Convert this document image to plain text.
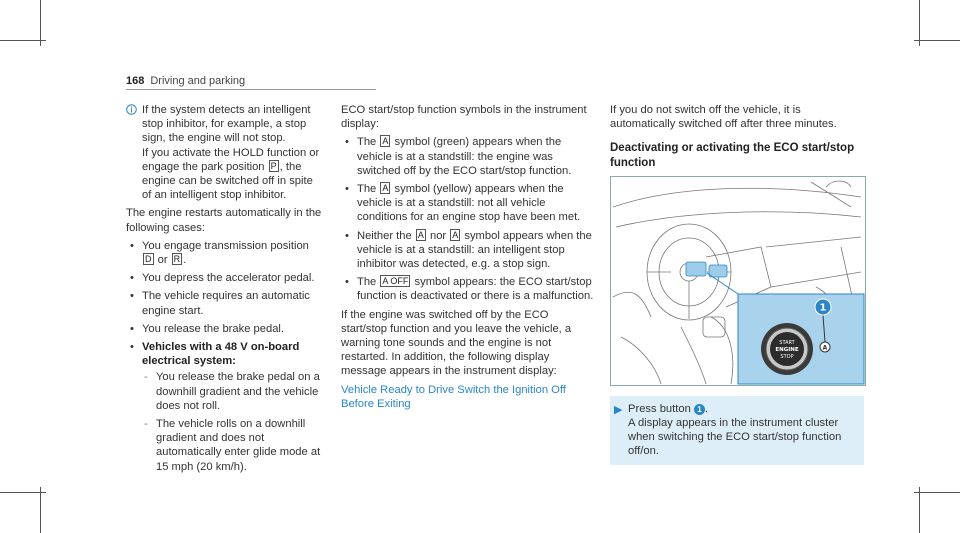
168 Driving and parking

If the system detects an intelligent stop inhibitor, for example, a stop sign, the engine will not stop.

If you activate the HOLD function or engage the park position P , the engine can be switched off in spite of an intelligent stop inhibitor.

The engine restarts automatically in the following cases:

• You engage transmission position D or R .
• You depress the accelerator pedal.
• The vehicle requires an automatic engine start.
• You release the brake pedal.
• Vehicles with a 48 V on-board electrical system:
- You release the brake pedal on a downhill gradient and the vehicle does not roll.
- The vehicle rolls on a downhill gradient and does not automatically enter glide mode at 15 mph (20 km/h).

ECO start/stop function symbols in the instrument display:

• The A symbol (green) appears when the vehicle is at a standstill: the engine was switched off by the ECO start/stop function.
• The A symbol (yellow) appears when the vehicle is at a standstill: not all vehicle conditions for an engine stop have been met.
• Neither the A nor A symbol appears when the vehicle is at a standstill: an intelligent stop inhibitor was detected, e.g. a stop sign.
• The A OFF symbol appears: the ECO start/stop function is deactivated or there is a malfunction.

If the engine was switched off by the ECO start/stop function and you leave the vehicle, a warning tone sounds and the engine is not restarted. In addition, the following display message appears in the instrument display:

Vehicle Ready to Drive Switch the Ignition Off Before Exiting

If you do not switch off the vehicle, it is automatically switched off after three minutes.

Deactivating or activating the ECO start/stop function
START
ENGINE
STOP
A
1
▶ Press button 1 .
A display appears in the instrument cluster when switching the ECO start/stop function off/on.
